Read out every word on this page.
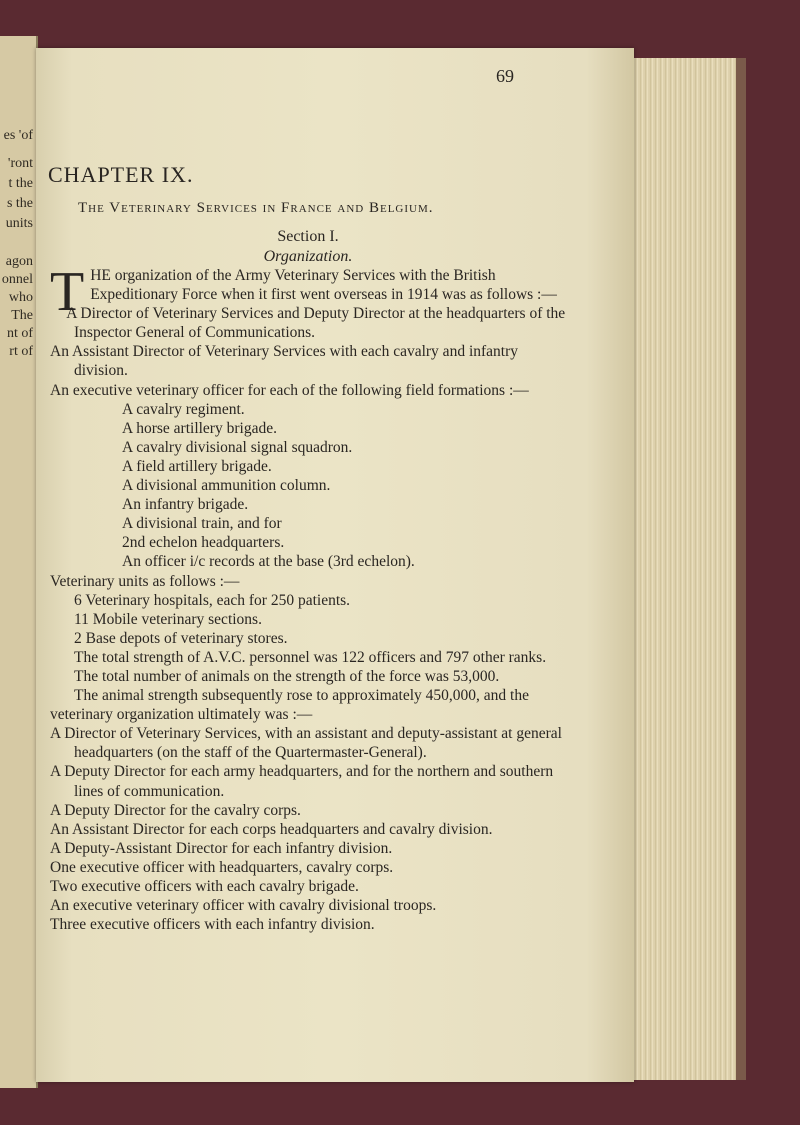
es 'of
'ront
t the
s the
units
agon
onnel
who
The
nt of
rt of
69
CHAPTER IX.
The Veterinary Services in France and Belgium.
Section I.
Organization.

THE organization of the Army Veterinary Services with the British Expeditionary Force when it first went overseas in 1914 was as follows :—

A Director of Veterinary Services and Deputy Director at the headquarters of the Inspector General of Communications.

An Assistant Director of Veterinary Services with each cavalry and infantry division.

An executive veterinary officer for each of the following field formations :—

A cavalry regiment.

A horse artillery brigade.

A cavalry divisional signal squadron.

A field artillery brigade.

A divisional ammunition column.

An infantry brigade.

A divisional train, and for

2nd echelon headquarters.

An officer i/c records at the base (3rd echelon).

Veterinary units as follows :—

6 Veterinary hospitals, each for 250 patients.

11 Mobile veterinary sections.

2 Base depots of veterinary stores.

The total strength of A.V.C. personnel was 122 officers and 797 other ranks.

The total number of animals on the strength of the force was 53,000.

The animal strength subsequently rose to approximately 450,000, and the veterinary organization ultimately was :—

A Director of Veterinary Services, with an assistant and deputy-assistant at general headquarters (on the staff of the Quartermaster-General).

A Deputy Director for each army headquarters, and for the northern and southern lines of communication.

A Deputy Director for the cavalry corps.

An Assistant Director for each corps headquarters and cavalry division.

A Deputy-Assistant Director for each infantry division.

One executive officer with headquarters, cavalry corps.

Two executive officers with each cavalry brigade.

An executive veterinary officer with cavalry divisional troops.

Three executive officers with each infantry division.
